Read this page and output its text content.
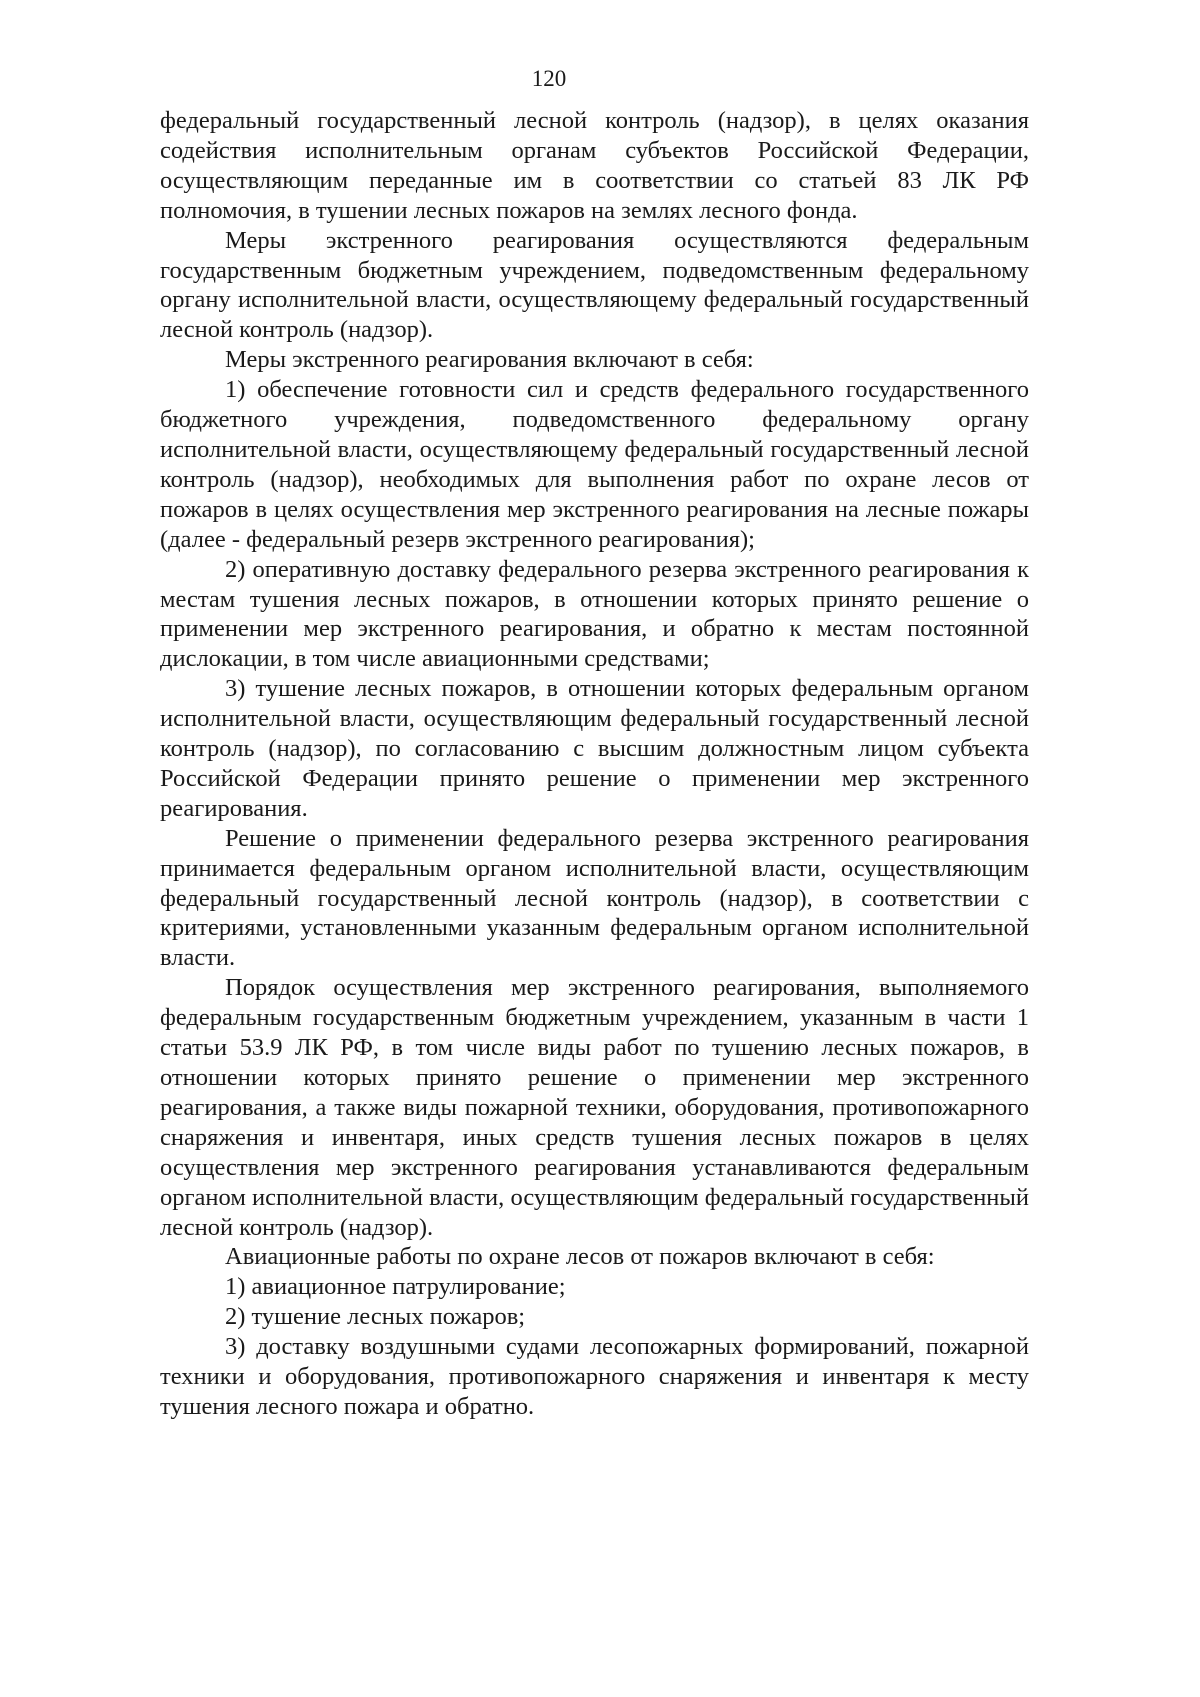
120

федеральный государственный лесной контроль (надзор), в целях оказания содействия исполнительным органам субъектов Российской Федерации, осуществляющим переданные им в соответствии со статьей 83 ЛК РФ полномочия, в тушении лесных пожаров на землях лесного фонда.

Меры экстренного реагирования осуществляются федеральным государственным бюджетным учреждением, подведомственным федеральному органу исполнительной власти, осуществляющему федеральный государственный лесной контроль (надзор).

Меры экстренного реагирования включают в себя:

1) обеспечение готовности сил и средств федерального государственного бюджетного учреждения, подведомственного федеральному органу исполнительной власти, осуществляющему федеральный государственный лесной контроль (надзор), необходимых для выполнения работ по охране лесов от пожаров в целях осуществления мер экстренного реагирования на лесные пожары (далее - федеральный резерв экстренного реагирования);

2) оперативную доставку федерального резерва экстренного реагирования к местам тушения лесных пожаров, в отношении которых принято решение о применении мер экстренного реагирования, и обратно к местам постоянной дислокации, в том числе авиационными средствами;

3) тушение лесных пожаров, в отношении которых федеральным органом исполнительной власти, осуществляющим федеральный государственный лесной контроль (надзор), по согласованию с высшим должностным лицом субъекта Российской Федерации принято решение о применении мер экстренного реагирования.

Решение о применении федерального резерва экстренного реагирования принимается федеральным органом исполнительной власти, осуществляющим федеральный государственный лесной контроль (надзор), в соответствии с критериями, установленными указанным федеральным органом исполнительной власти.

Порядок осуществления мер экстренного реагирования, выполняемого федеральным государственным бюджетным учреждением, указанным в части 1 статьи 53.9 ЛК РФ, в том числе виды работ по тушению лесных пожаров, в отношении которых принято решение о применении мер экстренного реагирования, а также виды пожарной техники, оборудования, противопожарного снаряжения и инвентаря, иных средств тушения лесных пожаров в целях осуществления мер экстренного реагирования устанавливаются федеральным органом исполнительной власти, осуществляющим федеральный государственный лесной контроль (надзор).

Авиационные работы по охране лесов от пожаров включают в себя:

1) авиационное патрулирование;

2) тушение лесных пожаров;

3) доставку воздушными судами лесопожарных формирований, пожарной техники и оборудования, противопожарного снаряжения и инвентаря к месту тушения лесного пожара и обратно.
